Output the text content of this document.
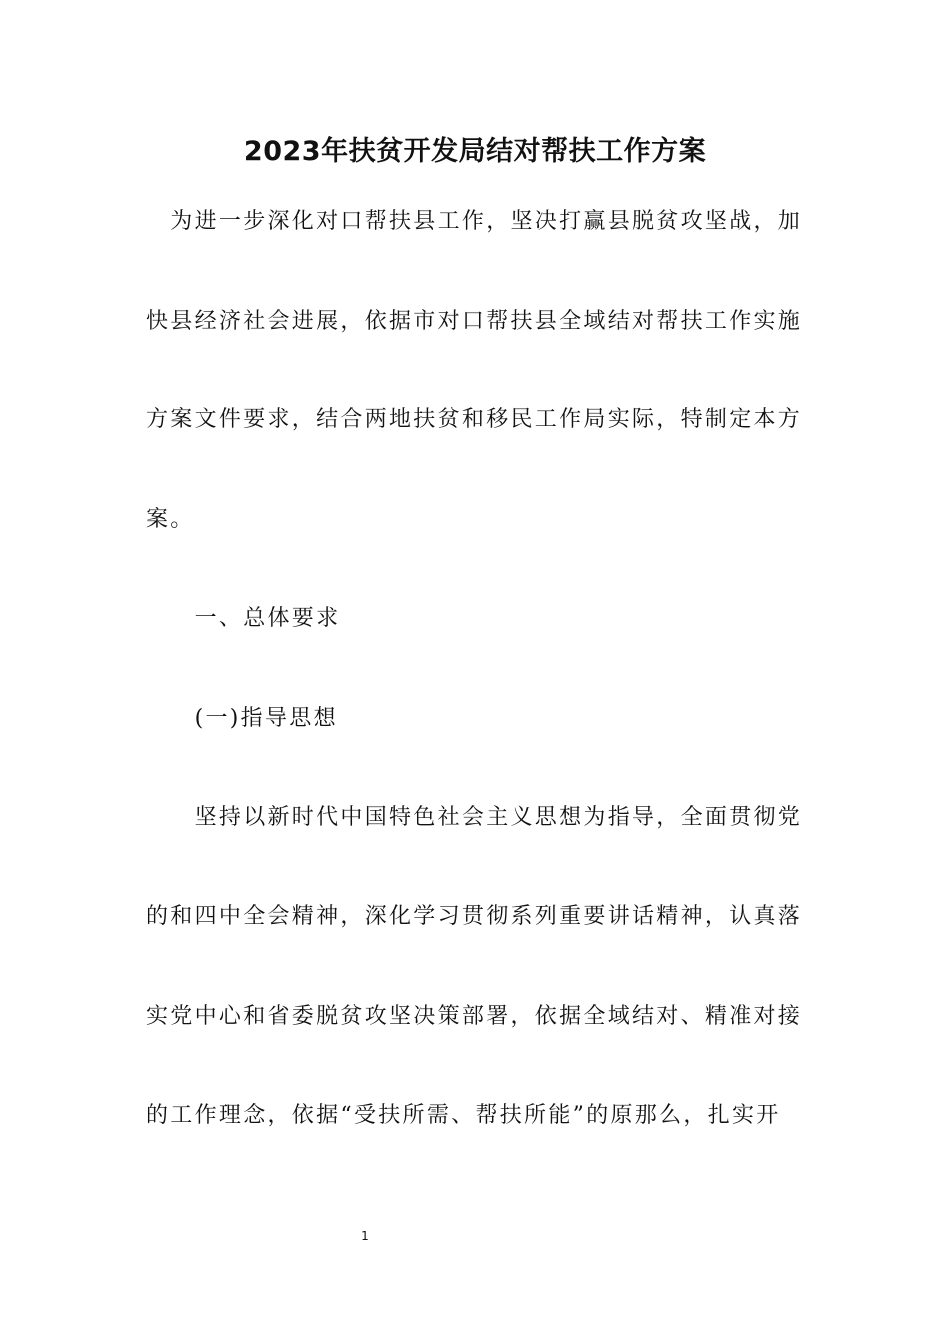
2023年扶贫开发局结对帮扶工作方案
　为进一步深化对口帮扶县工作，坚决打赢县脱贫攻坚战，加
快县经济社会进展，依据市对口帮扶县全域结对帮扶工作实施
方案文件要求，结合两地扶贫和移民工作局实际，特制定本方
案。
　　一、总体要求
　　(一)指导思想
　　坚持以新时代中国特色社会主义思想为指导，全面贯彻党
的和四中全会精神，深化学习贯彻系列重要讲话精神，认真落
实党中心和省委脱贫攻坚决策部署，依据全域结对、精准对接
的工作理念，依据“受扶所需、帮扶所能”的原那么，扎实开
1
